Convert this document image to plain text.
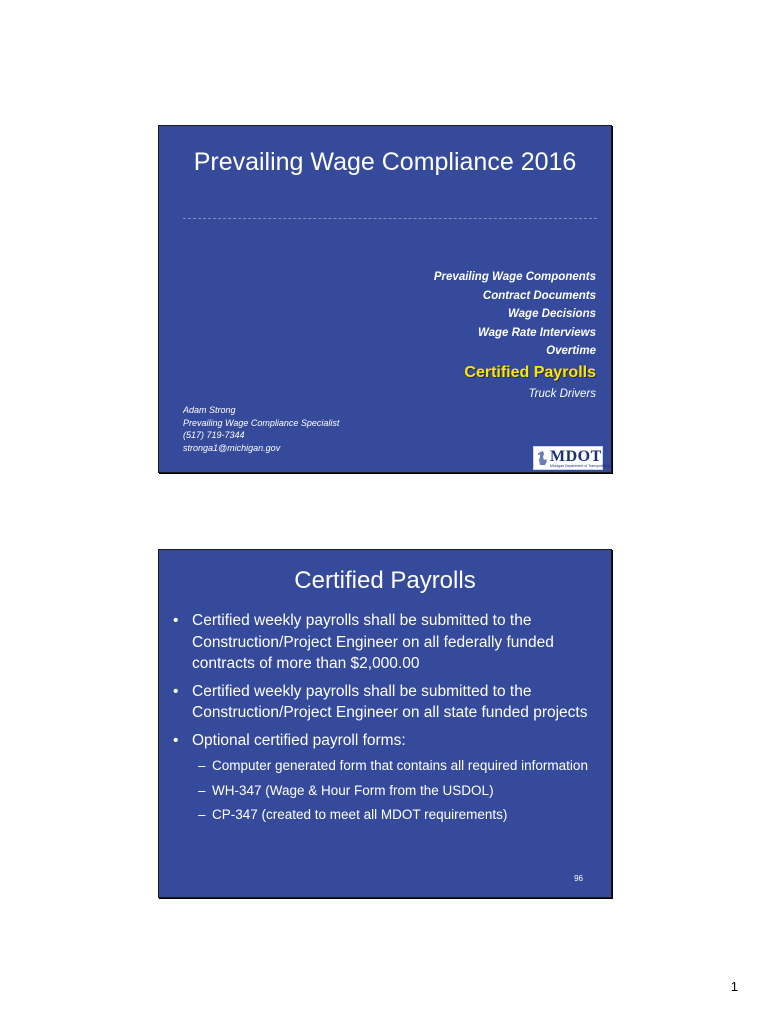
Prevailing Wage Compliance 2016
Prevailing Wage Components
Contract Documents
Wage Decisions
Wage Rate Interviews
Overtime
Certified Payrolls
Truck Drivers
Adam Strong
Prevailing Wage Compliance Specialist
(517) 719-7344
stronga1@michigan.gov
MDOT
Michigan Department of Transportation
Certified Payrolls
• Certified weekly payrolls shall be submitted to the Construction/Project Engineer on all federally funded contracts of more than $2,000.00
• Certified weekly payrolls shall be submitted to the Construction/Project Engineer on all state funded projects
• Optional certified payroll forms:
– Computer generated form that contains all required information
– WH-347 (Wage & Hour Form from the USDOL)
– CP-347 (created to meet all MDOT requirements)
96
1
